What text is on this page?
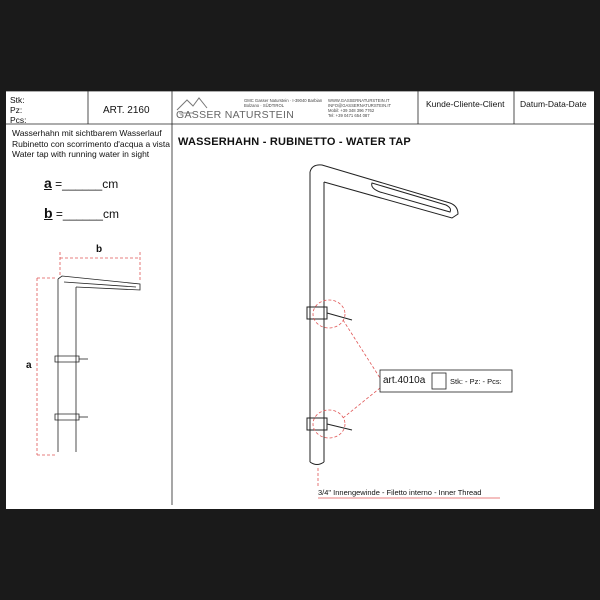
Stk:
Pz:
Pcs:
ART. 2160	GASSER NATURSTEIN
GMC Gasser Naturstein · I-39040 Barbian
Bolzano · SÜDTIROL
WWW.GASSERNATURSTEIN.IT
INFO@GASSERNATURSTEIN.IT
Mobil: +39 348 396 7762
Tel: +39 0471 654 087
Kunde-Cliente-Client Datum-Data-Date
WASSERHAHN - RUBINETTO - WATER TAP
Wasserhahn mit sichtbarem Wasserlauf
Rubinetto con scorrimento d'acqua a vista
Water tap with running water in sight
a =______cm
b =______cm
b
a
art.4010a	Stk: - Pz: - Pcs:
3/4" Innengewinde - Filetto interno - Inner Thread
